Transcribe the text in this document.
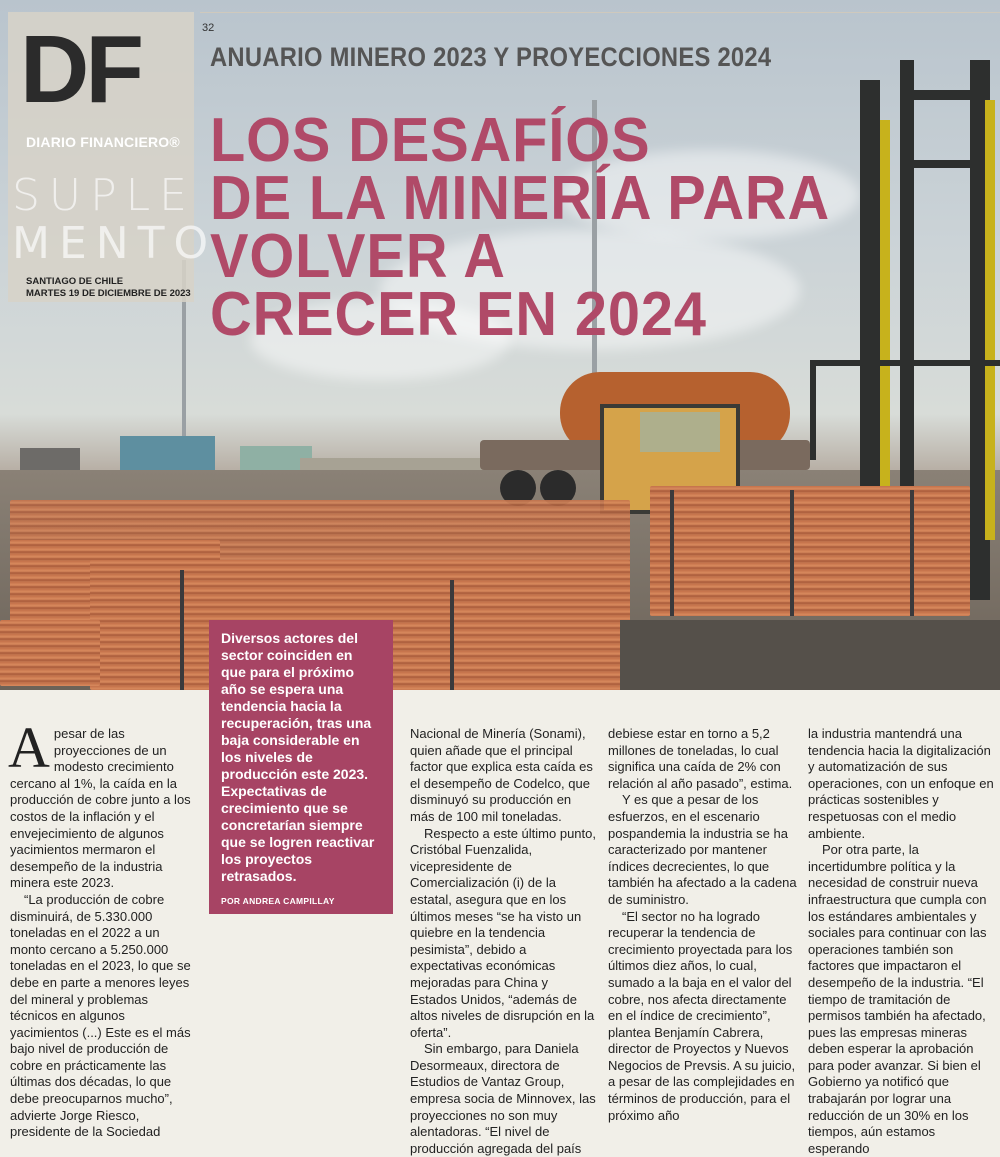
DF
DIARIO FINANCIERO®
SUPLE
MENTO
SANTIAGO DE CHILE
MARTES 19 DE DICIEMBRE DE 2023
32
ANUARIO MINERO 2023 Y PROYECCIONES 2024
LOS DESAFÍOS
DE LA MINERÍA PARA
VOLVER A
CRECER EN 2024
Diversos actores del sector coinciden en que para el próximo año se espera una tendencia hacia la recuperación, tras una baja considerable en los niveles de producción este 2023. Expectativas de crecimiento que se concretarían siempre que se logren reactivar los proyectos retrasados.
POR ANDREA CAMPILLAY

Apesar de las proyecciones de un modesto crecimiento cercano al 1%, la caída en la producción de cobre junto a los costos de la inflación y el envejecimiento de algunos yacimientos mermaron el desempeño de la industria minera este 2023.

“La producción de cobre disminuirá, de 5.330.000 toneladas en el 2022 a un monto cercano a 5.250.000 toneladas en el 2023, lo que se debe en parte a menores leyes del mineral y problemas técnicos en algunos yacimientos (...) Este es el más bajo nivel de producción de cobre en prácticamente las últimas dos décadas, lo que debe preocuparnos mucho”, advierte Jorge Riesco, presidente de la Sociedad

Nacional de Minería (Sonami), quien añade que el principal factor que explica esta caída es el desempeño de Codelco, que disminuyó su producción en más de 100 mil toneladas.

Respecto a este último punto, Cristóbal Fuenzalida, vicepresidente de Comercialización (i) de la estatal, asegura que en los últimos meses “se ha visto un quiebre en la tendencia pesimista”, debido a expectativas económicas mejoradas para China y Estados Unidos, “además de altos niveles de disrupción en la oferta”.

Sin embargo, para Daniela Desormeaux, directora de Estudios de Vantaz Group, empresa socia de Minnovex, las proyecciones no son muy alentadoras. “El nivel de producción agregada del país

debiese estar en torno a 5,2 millones de toneladas, lo cual significa una caída de 2% con relación al año pasado”, estima.

Y es que a pesar de los esfuerzos, en el escenario pospandemia la industria se ha caracterizado por mantener índices decrecientes, lo que también ha afectado a la cadena de suministro.

“El sector no ha logrado recuperar la tendencia de crecimiento proyectada para los últimos diez años, lo cual, sumado a la baja en el valor del cobre, nos afecta directamente en el índice de crecimiento”, plantea Benjamín Cabrera, director de Proyectos y Nuevos Negocios de Prevsis. A su juicio, a pesar de las complejidades en términos de producción, para el próximo año

la industria mantendrá una tendencia hacia la digitalización y automatización de sus operaciones, con un enfoque en prácticas sostenibles y respetuosas con el medio ambiente.

Por otra parte, la incertidumbre política y la necesidad de construir nueva infraestructura que cumpla con los estándares ambientales y sociales para continuar con las operaciones también son factores que impactaron el desempeño de la industria. “El tiempo de tramitación de permisos también ha afectado, pues las empresas mineras deben esperar la aprobación para poder avanzar. Si bien el Gobierno ya notificó que trabajarán por lograr una reducción de un 30% en los tiempos, aún estamos esperando
